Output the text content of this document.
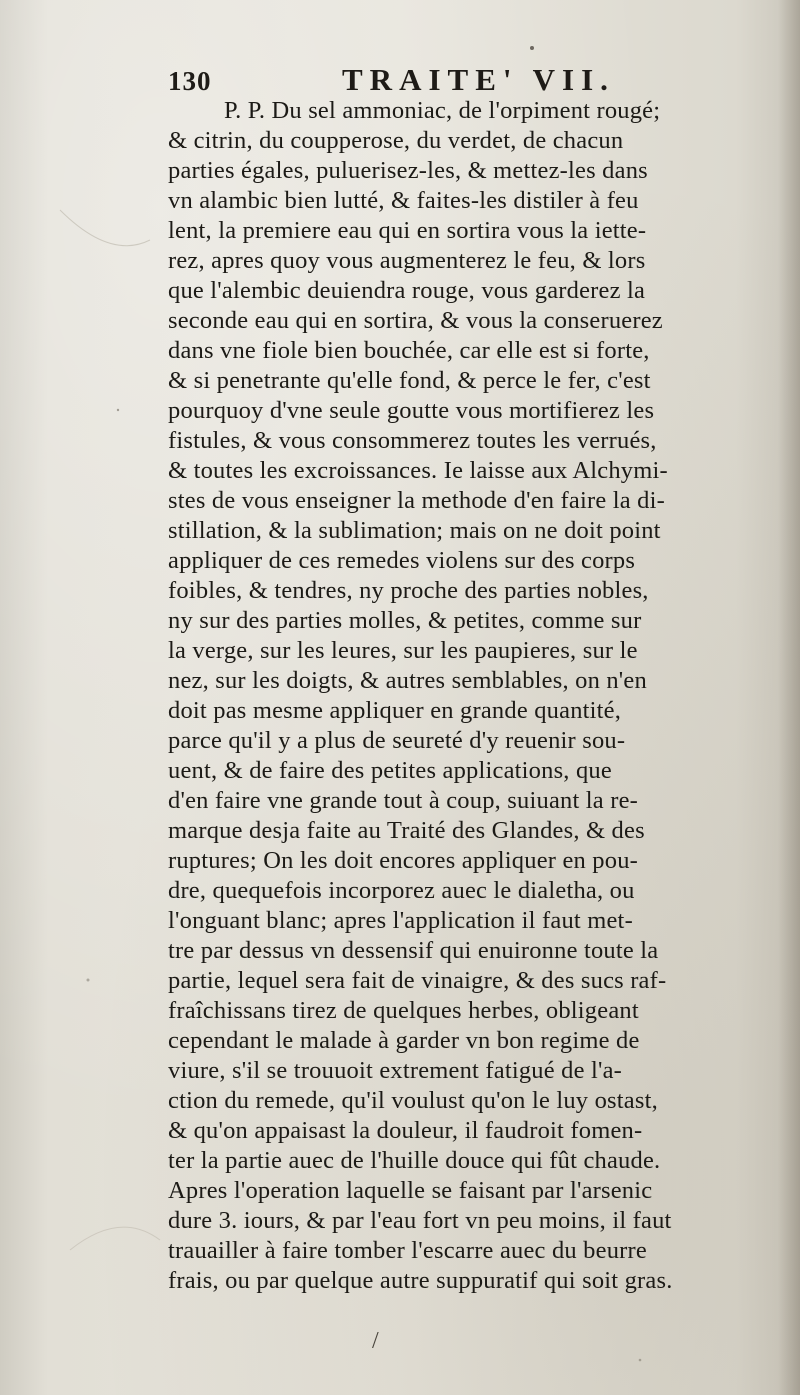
130	TRAITE' VII.
P. P. Du sel ammoniac, de l'orpiment rougé;
& citrin, du coupperose, du verdet, de chacun
parties égales, puluerisez-les, & mettez-les dans
vn alambic bien lutté, & faites-les distiler à feu
lent, la premiere eau qui en sortira vous la iette-
rez, apres quoy vous augmenterez le feu, & lors
que l'alembic deuiendra rouge, vous garderez la
seconde eau qui en sortira, & vous la conseruerez
dans vne fiole bien bouchée, car elle est si forte,
& si penetrante qu'elle fond, & perce le fer, c'est
pourquoy d'vne seule goutte vous mortifierez les
fistules, & vous consommerez toutes les verrués,
& toutes les excroissances. Ie laisse aux Alchymi-
stes de vous enseigner la methode d'en faire la di-
stillation, & la sublimation; mais on ne doit point
appliquer de ces remedes violens sur des corps
foibles, & tendres, ny proche des parties nobles,
ny sur des parties molles, & petites, comme sur
la verge, sur les leures, sur les paupieres, sur le
nez, sur les doigts, & autres semblables, on n'en
doit pas mesme appliquer en grande quantité,
parce qu'il y a plus de seureté d'y reuenir sou-
uent, & de faire des petites applications, que
d'en faire vne grande tout à coup, suiuant la re-
marque desja faite au Traité des Glandes, & des
ruptures; On les doit encores appliquer en pou-
dre, quequefois incorporez auec le dialetha, ou
l'onguant blanc; apres l'application il faut met-
tre par dessus vn dessensif qui enuironne toute la
partie, lequel sera fait de vinaigre, & des sucs raf-
fraîchissans tirez de quelques herbes, obligeant
cependant le malade à garder vn bon regime de
viure, s'il se trouuoit extrement fatigué de l'a-
ction du remede, qu'il voulust qu'on le luy ostast,
& qu'on appaisast la douleur, il faudroit fomen-
ter la partie auec de l'huille douce qui fût chaude.
Apres l'operation laquelle se faisant par l'arsenic
dure 3. iours, & par l'eau fort vn peu moins, il faut
trauailler à faire tomber l'escarre auec du beurre
frais, ou par quelque autre suppuratif qui soit gras.
/
